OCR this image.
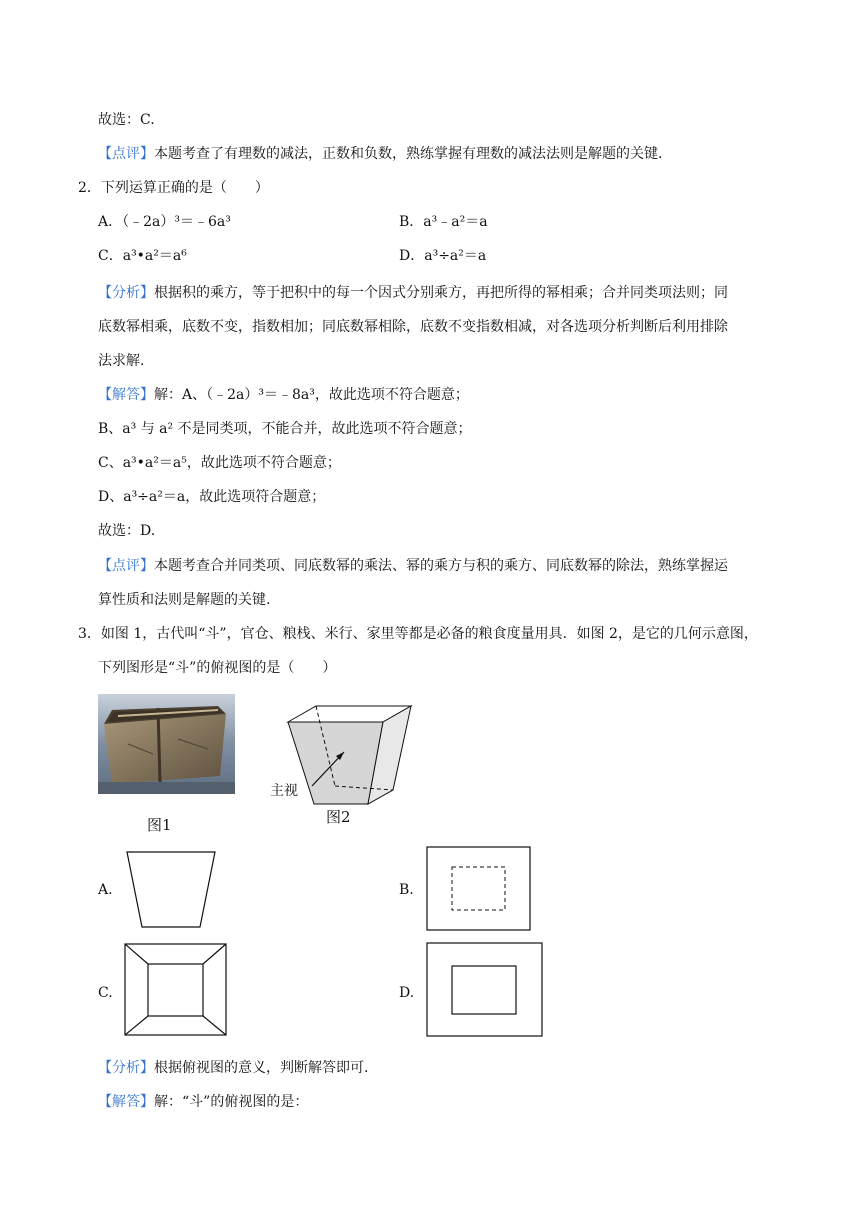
故选：C.
【点评】本题考查了有理数的减法，正数和负数，熟练掌握有理数的减法法则是解题的关键.
2．下列运算正确的是（　　）
A．（﹣2a）³＝﹣6a³	B．a³﹣a²＝a
C．a³•a²＝a⁶	D．a³÷a²＝a
【分析】根据积的乘方，等于把积中的每一个因式分别乘方，再把所得的幂相乘；合并同类项法则；同
底数幂相乘，底数不变，指数相加；同底数幂相除，底数不变指数相减，对各选项分析判断后利用排除
法求解.
【解答】解：A、（﹣2a）³＝﹣8a³，故此选项不符合题意；
B、a³ 与 a² 不是同类项，不能合并，故此选项不符合题意；
C、a³•a²＝a⁵，故此选项不符合题意；
D、a³÷a²＝a，故此选项符合题意；
故选：D.
【点评】本题考查合并同类项、同底数幂的乘法、幂的乘方与积的乘方、同底数幂的除法，熟练掌握运
算性质和法则是解题的关键.
3．如图 1，古代叫“斗”，官仓、粮栈、米行、家里等都是必备的粮食度量用具．如图 2，是它的几何示意图，
下列图形是“斗”的俯视图的是（　　）
图1
主视
图2
A.	B.
C.	D.
【分析】根据俯视图的意义，判断解答即可.
【解答】解：“斗”的俯视图的是：
